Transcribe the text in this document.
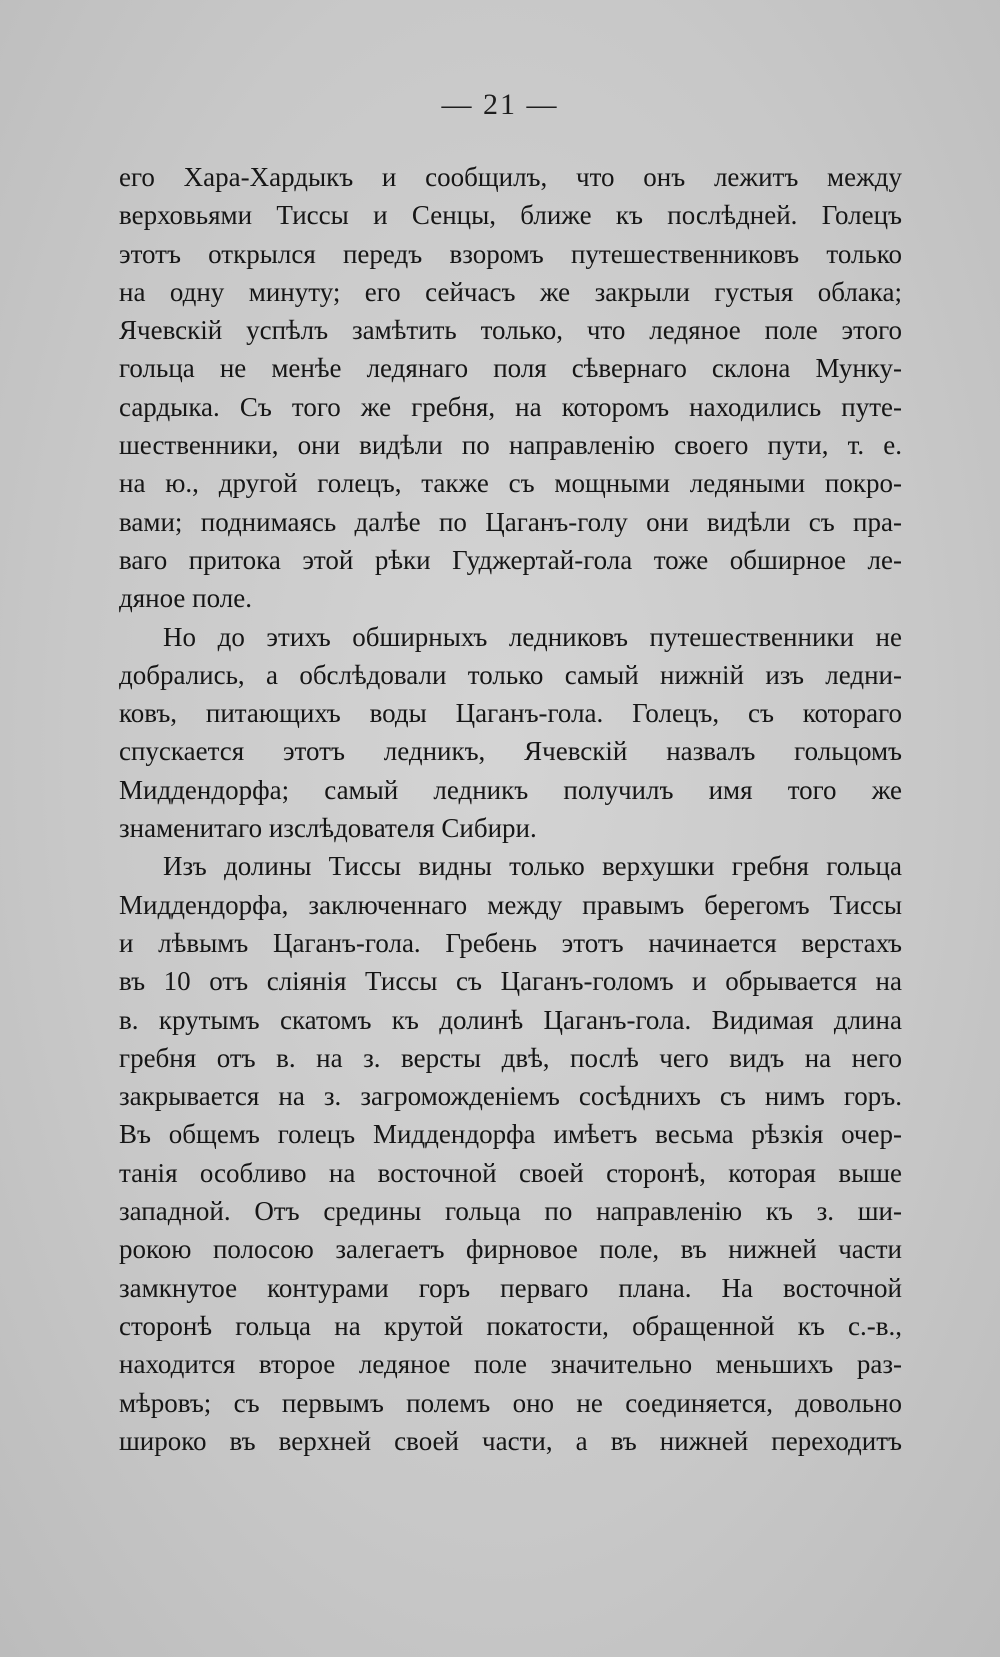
— 21 —
его Хара-Хардыкъ и сообщилъ, что онъ лежитъ между
верховьями Тиссы и Сенцы, ближе къ послѣдней. Голецъ
этотъ открылся передъ взоромъ путешественниковъ только
на одну минуту; его сейчасъ же закрыли густыя облака;
Ячевскій успѣлъ замѣтить только, что ледяное поле этого
гольца не менѣе ледянаго поля сѣвернаго склона Мунку-
сардыка. Съ того же гребня, на которомъ находились путе-
шественники, они видѣли по направленію своего пути, т. е.
на ю., другой голецъ, также съ мощными ледяными покро-
вами; поднимаясь далѣе по Цаганъ-голу они видѣли съ пра-
ваго притока этой рѣки Гуджертай-гола тоже обширное ле-
дяное поле.
Но до этихъ обширныхъ ледниковъ путешественники не
добрались, а обслѣдовали только самый нижній изъ ледни-
ковъ, питающихъ воды Цаганъ-гола. Голецъ, съ котораго
спускается этотъ ледникъ, Ячевскій назвалъ гольцомъ
Миддендорфа; самый ледникъ получилъ имя того же
знаменитаго изслѣдователя Сибири.
Изъ долины Тиссы видны только верхушки гребня гольца
Миддендорфа, заключеннаго между правымъ берегомъ Тиссы
и лѣвымъ Цаганъ-гола. Гребень этотъ начинается верстахъ
въ 10 отъ сліянія Тиссы съ Цаганъ-голомъ и обрывается на
в. крутымъ скатомъ къ долинѣ Цаганъ-гола. Видимая длина
гребня отъ в. на з. версты двѣ, послѣ чего видъ на него
закрывается на з. загроможденіемъ сосѣднихъ съ нимъ горъ.
Въ общемъ голецъ Миддендорфа имѣетъ весьма рѣзкія очер-
танія особливо на восточной своей сторонѣ, которая выше
западной. Отъ средины гольца по направленію къ з. ши-
рокою полосою залегаетъ фирновое поле, въ нижней части
замкнутое контурами горъ перваго плана. На восточной
сторонѣ гольца на крутой покатости, обращенной къ с.-в.,
находится второе ледяное поле значительно меньшихъ раз-
мѣровъ; съ первымъ полемъ оно не соединяется, довольно
широко въ верхней своей части, а въ нижней переходитъ
